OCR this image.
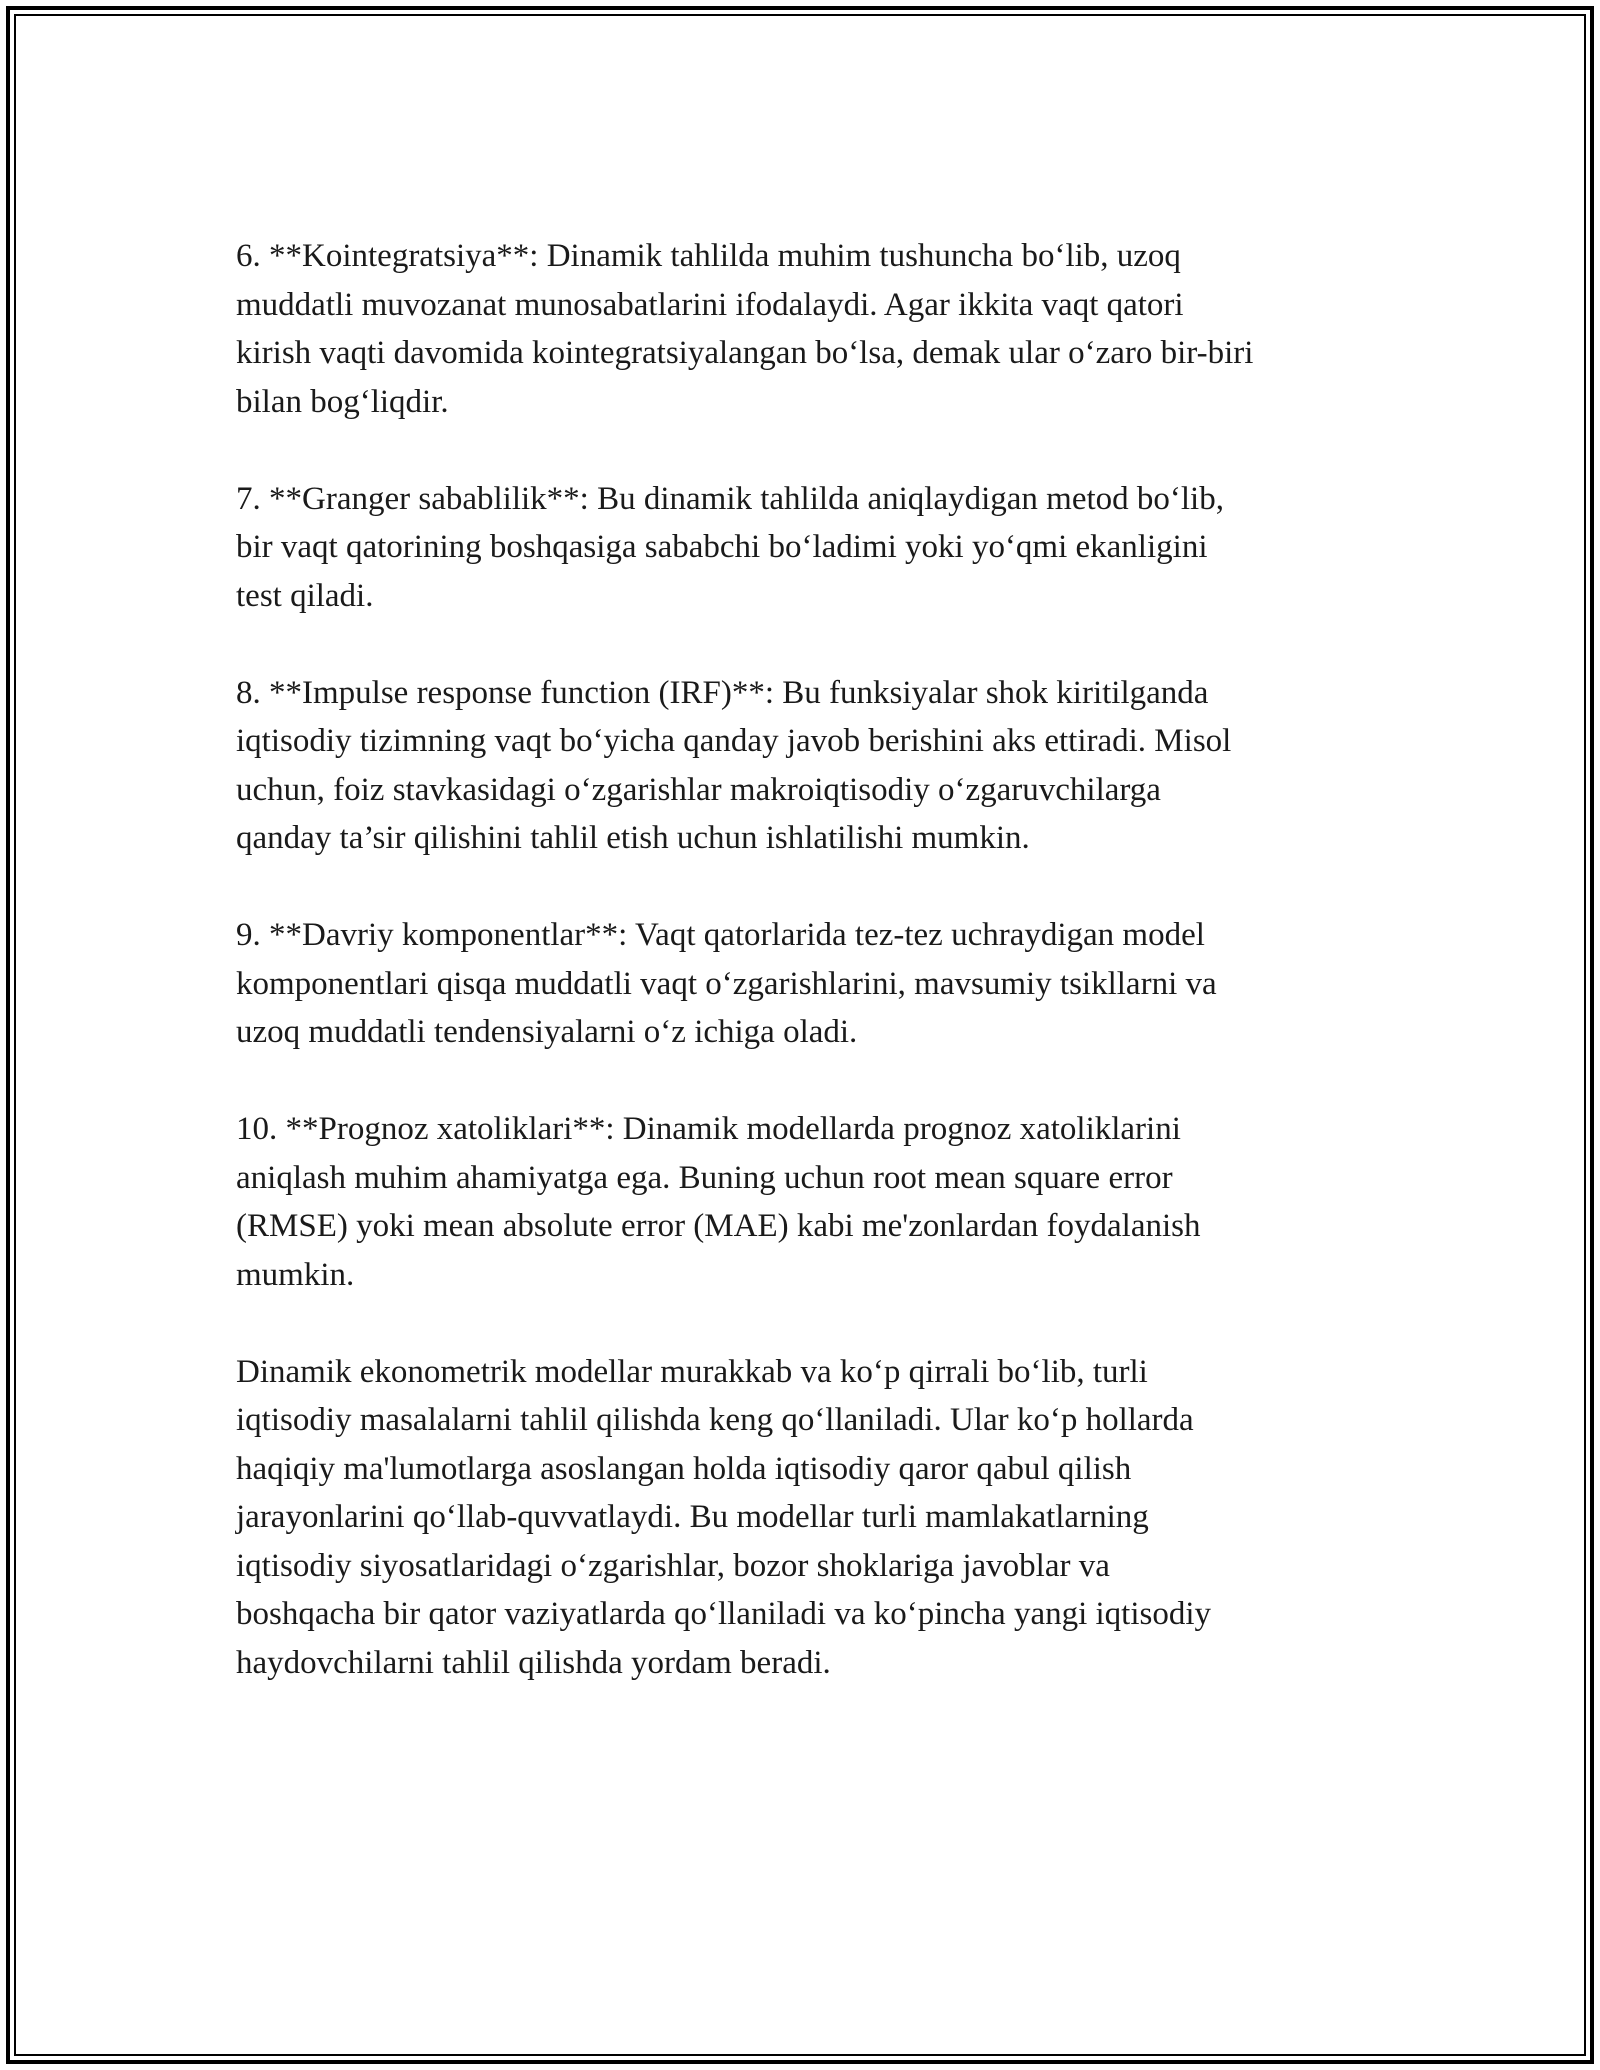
6. **Kointegratsiya**: Dinamik tahlilda muhim tushuncha bo‘lib, uzoq
muddatli muvozanat munosabatlarini ifodalaydi. Agar ikkita vaqt qatori
kirish vaqti davomida kointegratsiyalangan bo‘lsa, demak ular o‘zaro bir-biri
bilan bog‘liqdir.
7. **Granger sabablilik**: Bu dinamik tahlilda aniqlaydigan metod bo‘lib,
bir vaqt qatorining boshqasiga sababchi bo‘ladimi yoki yo‘qmi ekanligini
test qiladi.
8. **Impulse response function (IRF)**: Bu funksiyalar shok kiritilganda
iqtisodiy tizimning vaqt bo‘yicha qanday javob berishini aks ettiradi. Misol
uchun, foiz stavkasidagi o‘zgarishlar makroiqtisodiy o‘zgaruvchilarga
qanday ta’sir qilishini tahlil etish uchun ishlatilishi mumkin.
9. **Davriy komponentlar**: Vaqt qatorlarida tez-tez uchraydigan model
komponentlari qisqa muddatli vaqt o‘zgarishlarini, mavsumiy tsikllarni va
uzoq muddatli tendensiyalarni o‘z ichiga oladi.
10. **Prognoz xatoliklari**: Dinamik modellarda prognoz xatoliklarini
aniqlash muhim ahamiyatga ega. Buning uchun root mean square error
(RMSE) yoki mean absolute error (MAE) kabi me'zonlardan foydalanish
mumkin.
Dinamik ekonometrik modellar murakkab va ko‘p qirrali bo‘lib, turli
iqtisodiy masalalarni tahlil qilishda keng qo‘llaniladi. Ular ko‘p hollarda
haqiqiy ma'lumotlarga asoslangan holda iqtisodiy qaror qabul qilish
jarayonlarini qo‘llab-quvvatlaydi. Bu modellar turli mamlakatlarning
iqtisodiy siyosatlaridagi o‘zgarishlar, bozor shoklariga javoblar va
boshqacha bir qator vaziyatlarda qo‘llaniladi va ko‘pincha yangi iqtisodiy
haydovchilarni tahlil qilishda yordam beradi.
